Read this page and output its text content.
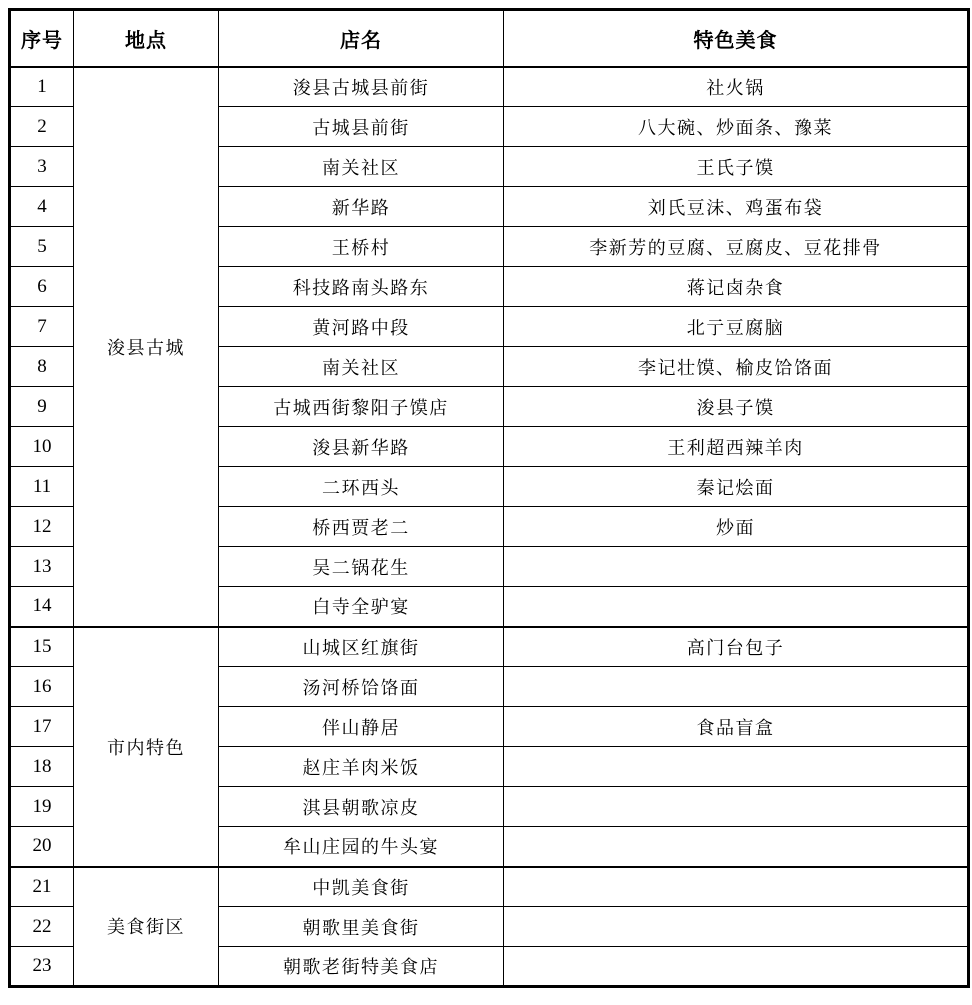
序号	地点	店名	特色美食
1	浚县古城	浚县古城县前街	社火锅
2		古城县前街	八大碗、炒面条、豫菜
3		南关社区	王氏子馍
4		新华路	刘氏豆沫、鸡蛋布袋
5		王桥村	李新芳的豆腐、豆腐皮、豆花排骨
6		科技路南头路东	蒋记卤杂食
7		黄河路中段	北亍豆腐脑
8		南关社区	李记壮馍、榆皮饸饹面
9		古城西街黎阳子馍店	浚县子馍
10		浚县新华路	王利超西辣羊肉
11		二环西头	秦记烩面
12		桥西贾老二	炒面
13		吴二锅花生	
14		白寺全驴宴	
15	市内特色	山城区红旗街	高门台包子
16		汤河桥饸饹面	
17		伴山静居	食品盲盒
18		赵庄羊肉米饭	
19		淇县朝歌凉皮	
20		牟山庄园的牛头宴	
21	美食街区	中凯美食街	
22		朝歌里美食街	
23		朝歌老街特美食店	
